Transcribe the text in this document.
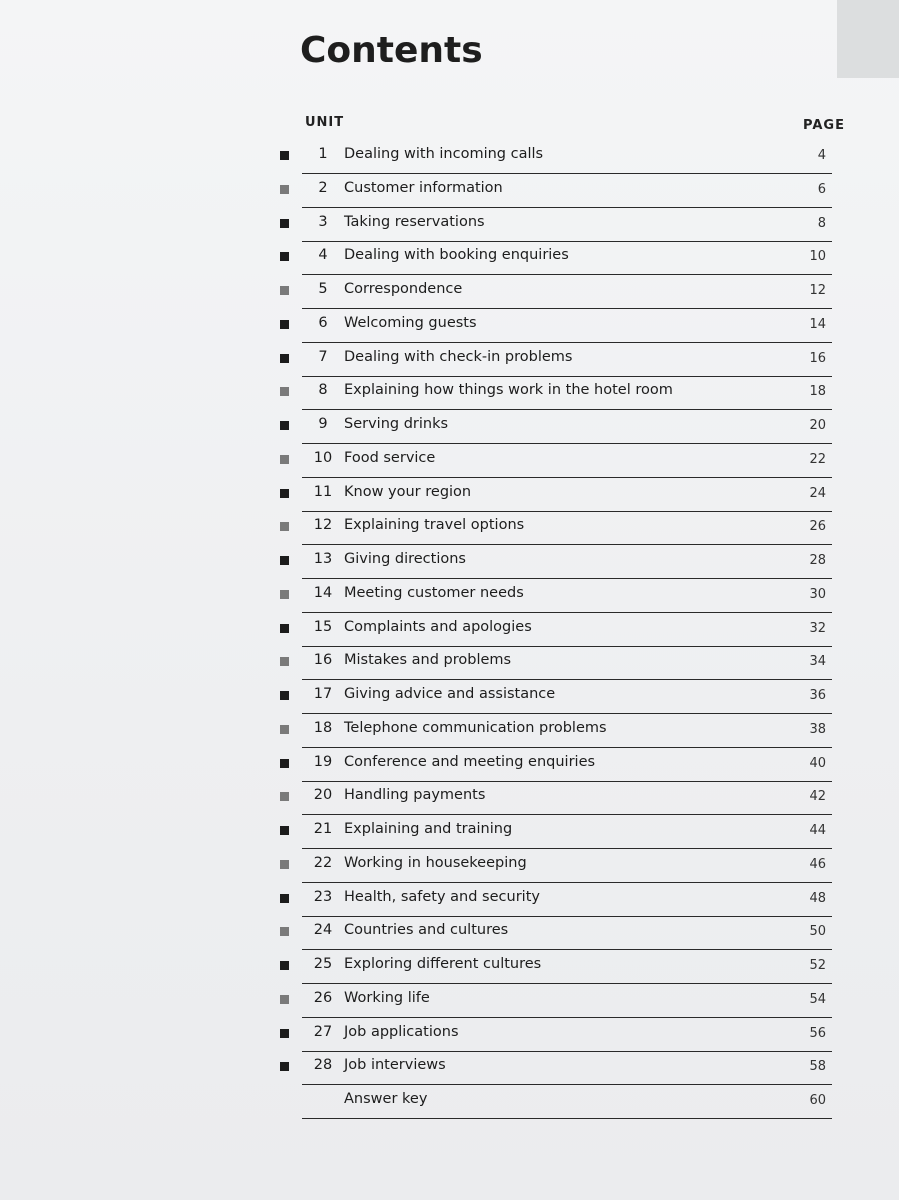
Contents
UNIT	PAGE
1	Dealing with incoming calls	4
2	Customer information	6
3	Taking reservations	8
4	Dealing with booking enquiries	10
5	Correspondence	12
6	Welcoming guests	14
7	Dealing with check-in problems	16
8	Explaining how things work in the hotel room	18
9	Serving drinks	20
10 Food service	22
11 Know your region	24
12 Explaining travel options	26
13 Giving directions	28
14 Meeting customer needs	30
15 Complaints and apologies	32
16 Mistakes and problems	34
17 Giving advice and assistance	36
18 Telephone communication problems	38
19 Conference and meeting enquiries	40
20 Handling payments	42
21 Explaining and training	44
22 Working in housekeeping	46
23 Health, safety and security	48
24 Countries and cultures	50
25 Exploring different cultures	52
26 Working life	54
27 Job applications	56
28 Job interviews	58
Answer key	60
